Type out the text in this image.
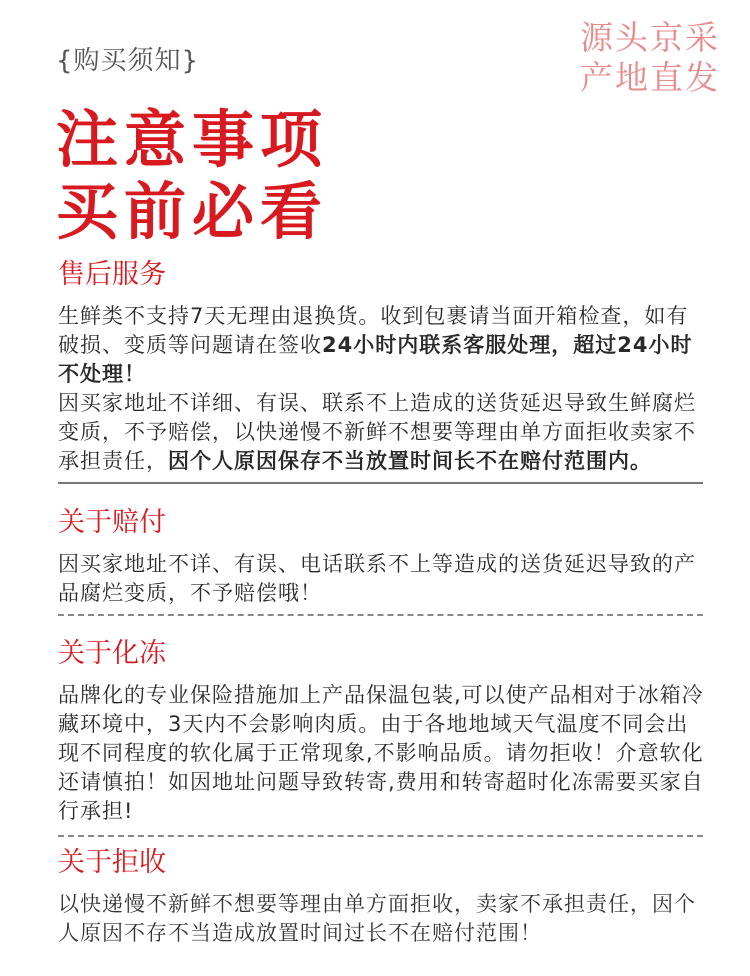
{购买须知}
源头京采
产地直发
注意事项
买前必看
售后服务
生鲜类不支持7天无理由退换货。收到包裹请当面开箱检查，如有破损、变质等问题请在签收24小时内联系客服处理，超过24小时不处理！
因买家地址不详细、有误、联系不上造成的送货延迟导致生鲜腐烂变质，不予赔偿，以快递慢不新鲜不想要等理由单方面拒收卖家不承担责任，因个人原因保存不当放置时间长不在赔付范围内。
关于赔付
因买家地址不详、有误、电话联系不上等造成的送货延迟导致的产品腐烂变质，不予赔偿哦！
关于化冻
品牌化的专业保险措施加上产品保温包装,可以使产品相对于冰箱冷藏环境中，3天内不会影响肉质。由于各地地域天气温度不同会出现不同程度的软化属于正常现象,不影响品质。请勿拒收！介意软化还请慎拍！如因地址问题导致转寄,费用和转寄超时化冻需要买家自行承担!
关于拒收
以快递慢不新鲜不想要等理由单方面拒收，卖家不承担责任，因个人原因不存不当造成放置时间过长不在赔付范围！
